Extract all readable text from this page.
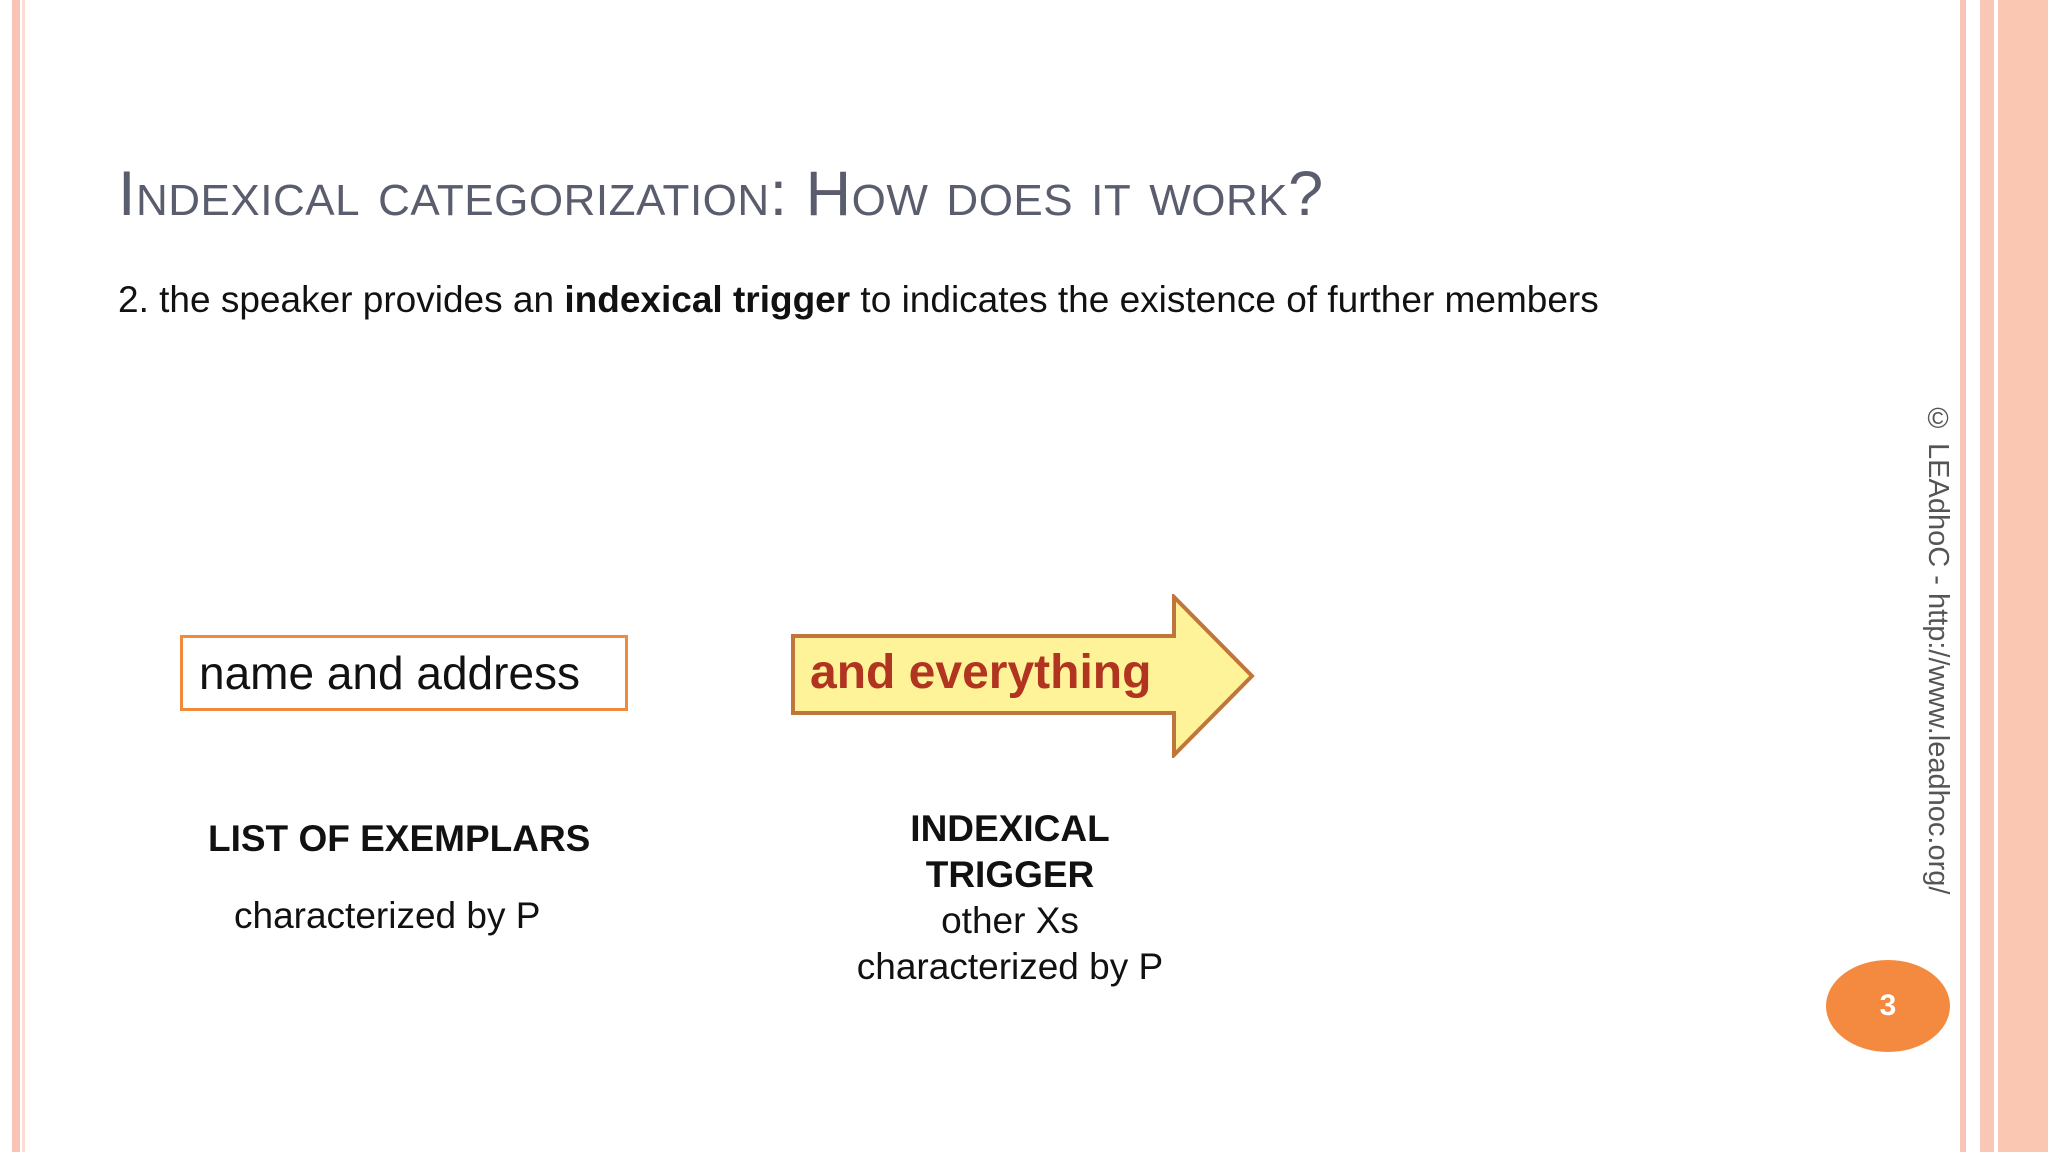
Indexical categorization: How does it work?
2. the speaker provides an indexical trigger to indicates the existence of further members
name and address	and everything
LIST OF EXEMPLARS
characterized by P
INDEXICAL
TRIGGER
other Xs
characterized by P
© LEAdhoC - http://www.leadhoc.org/
3
